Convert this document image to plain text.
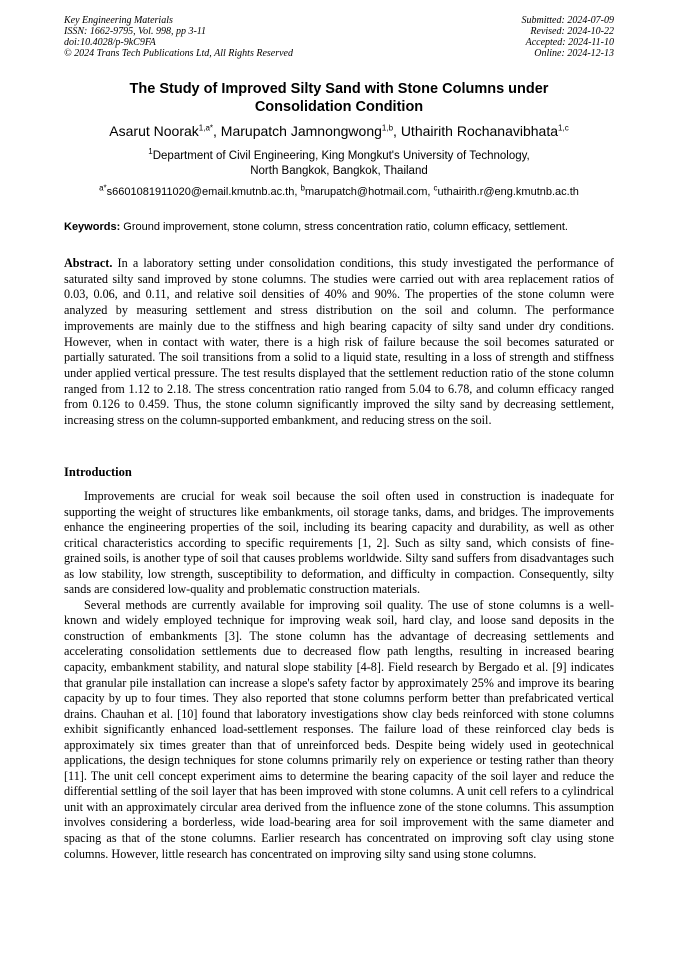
Key Engineering Materials
ISSN: 1662-9795, Vol. 998, pp 3-11
doi:10.4028/p-9kC9FA
© 2024 Trans Tech Publications Ltd, All Rights Reserved
Submitted: 2024-07-09
Revised: 2024-10-22
Accepted: 2024-11-10
Online: 2024-12-13
The Study of Improved Silty Sand with Stone Columns under
Consolidation Condition
Asarut Noorak$^{1,a*}$, Marupatch Jamnongwong$^{1,b}$, Uthairith Rochanavibhata$^{1,c}$
$^1$Department of Civil Engineering, King Mongkut's University of Technology,
North Bangkok, Bangkok, Thailand
$^{a*}$s6601081911020@email.kmutnb.ac.th, $^b$marupatch@hotmail.com, $^c$uthairith.r@eng.kmutnb.ac.th
Keywords: Ground improvement, stone column, stress concentration ratio, column efficacy, settlement.
Abstract. In a laboratory setting under consolidation conditions, this study investigated the performance of saturated silty sand improved by stone columns. The studies were carried out with area replacement ratios of 0.03, 0.06, and 0.11, and relative soil densities of 40% and 90%. The properties of the stone column were analyzed by measuring settlement and stress distribution on the soil and column. The performance improvements are mainly due to the stiffness and high bearing capacity of silty sand under dry conditions. However, when in contact with water, there is a high risk of failure because the soil becomes saturated or partially saturated. The soil transitions from a solid to a liquid state, resulting in a loss of strength and stiffness under applied vertical pressure. The test results displayed that the settlement reduction ratio of the stone column ranged from 1.12 to 2.18. The stress concentration ratio ranged from 5.04 to 6.78, and column efficacy ranged from 0.126 to 0.459. Thus, the stone column significantly improved the silty sand by decreasing settlement, increasing stress on the column-supported embankment, and reducing stress on the soil.
Introduction

Improvements are crucial for weak soil because the soil often used in construction is inadequate for supporting the weight of structures like embankments, oil storage tanks, dams, and bridges. The improvements enhance the engineering properties of the soil, including its bearing capacity and durability, as well as other critical characteristics according to specific requirements [1, 2]. Such as silty sand, which consists of fine-grained soils, is another type of soil that causes problems worldwide. Silty sand suffers from disadvantages such as low stability, low strength, susceptibility to deformation, and difficulty in compaction. Consequently, silty sands are considered low-quality and problematic construction materials.

Several methods are currently available for improving soil quality. The use of stone columns is a well-known and widely employed technique for improving weak soil, hard clay, and loose sand deposits in the construction of embankments [3]. The stone column has the advantage of decreasing settlements and accelerating consolidation settlements due to decreased flow path lengths, resulting in increased bearing capacity, embankment stability, and natural slope stability [4-8]. Field research by Bergado et al. [9] indicates that granular pile installation can increase a slope's safety factor by approximately 25% and improve its bearing capacity by up to four times. They also reported that stone columns perform better than prefabricated vertical drains. Chauhan et al. [10] found that laboratory investigations show clay beds reinforced with stone columns exhibit significantly enhanced load-settlement responses. The failure load of these reinforced clay beds is approximately six times greater than that of unreinforced beds. Despite being widely used in geotechnical applications, the design techniques for stone columns primarily rely on experience or testing rather than theory [11]. The unit cell concept experiment aims to determine the bearing capacity of the soil layer and reduce the differential settling of the soil layer that has been improved with stone columns. A unit cell refers to a cylindrical unit with an approximately circular area derived from the influence zone of the stone columns. This assumption involves considering a borderless, wide load-bearing area for soil improvement with the same diameter and spacing as that of the stone columns. Earlier research has concentrated on improving soft clay using stone columns. However, little research has concentrated on improving silty sand using stone columns.
